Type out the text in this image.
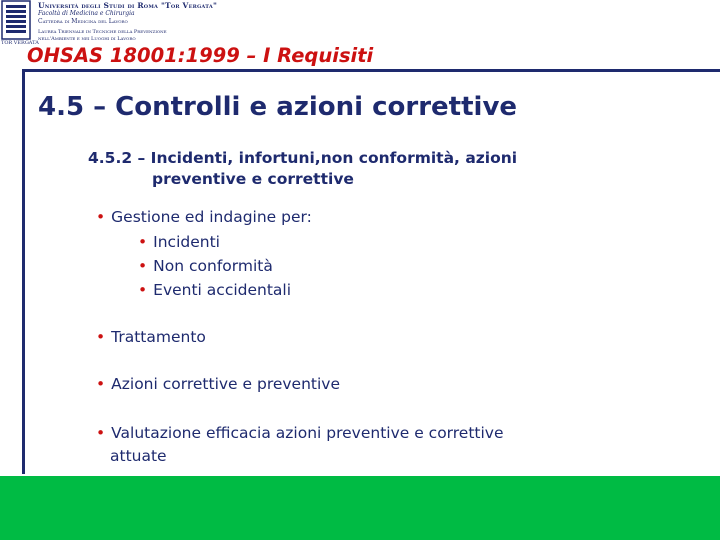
TOR VERGATA
Università degli Studi di Roma "Tor Vergata"
Facoltà di Medicina e Chirurgia
Cattedra di Medicina del Lavoro
Laurea Triennale in Tecniche della Prevenzione
nell'Ambiente e nei Luoghi di Lavoro
OHSAS 18001:1999 – I Requisiti
4.5 – Controlli e azioni correttive
4.5.2 – Incidenti, infortuni,non conformità, azioni
preventive e correttive
• Gestione ed indagine per:
• Incidenti
• Non conformità
• Eventi accidentali
• Trattamento
• Azioni correttive e preventive
• Valutazione efficacia azioni preventive e correttive
attuate
